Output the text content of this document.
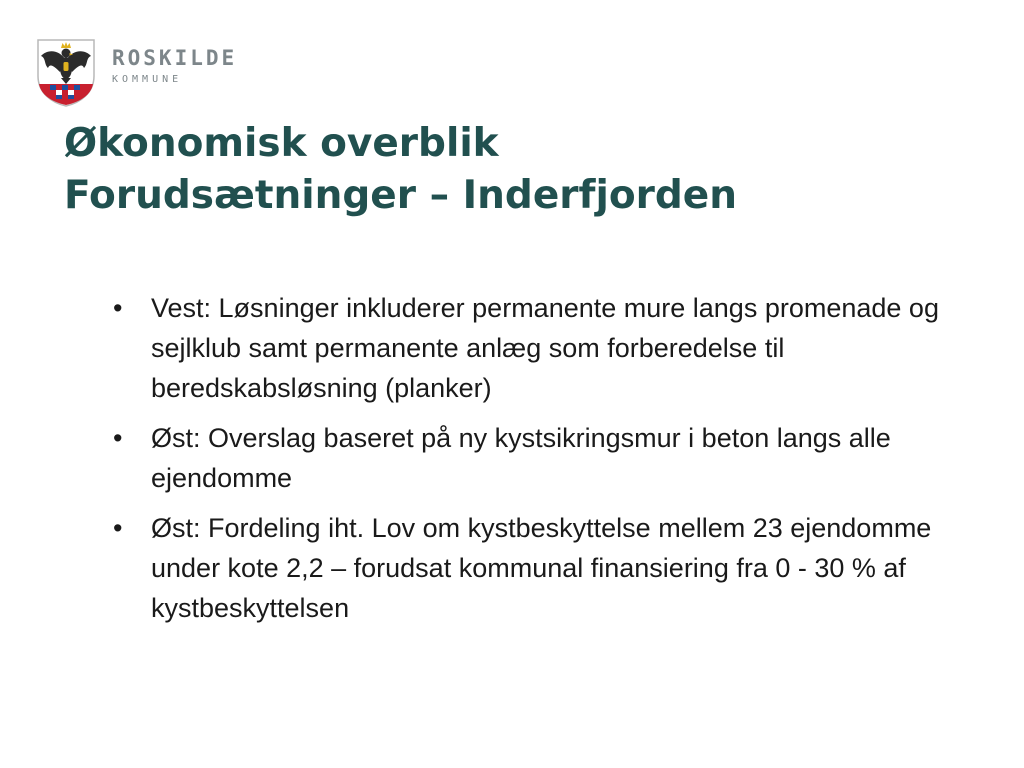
ROSKILDE
KOMMUNE
Økonomisk overblik
Forudsætninger – Inderfjorden
• Vest: Løsninger inkluderer permanente mure langs promenade og sejlklub samt permanente anlæg som forberedelse til beredskabsløsning (planker)
• Øst: Overslag baseret på ny kystsikringsmur i beton langs alle ejendomme
• Øst: Fordeling iht. Lov om kystbeskyttelse mellem 23 ejendomme under kote 2,2 – forudsat kommunal finansiering fra 0 - 30 % af kystbeskyttelsen
